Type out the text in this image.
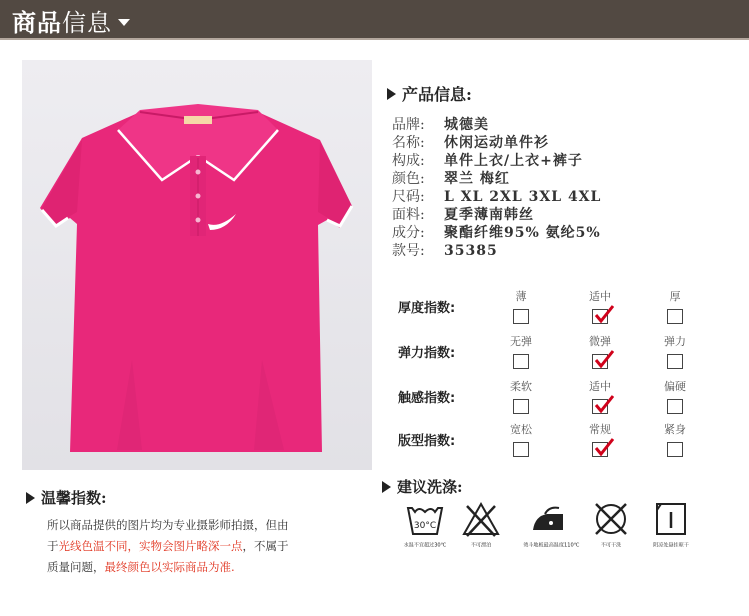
商品 信息
产品信息:
品牌:	城德美
名称:	休闲运动单件衫
构成:	单件上衣/上衣+裤子
颜色:	翠兰 梅红
尺码:	L XL 2XL 3XL 4XL
面料:	夏季薄南韩丝
成分:	聚酯纤维95% 氨纶5%
款号:	35385
厚度指数:
薄	适中	厚
弹力指数:
无弹	微弹	弹力
触感指数:
柔软	适中	偏硬
版型指数:
宽松	常规	紧身
温馨指数:
所以商品提供的图片均为专业摄影师拍摄，但由
于光线色温不同，实物会图片略深一点，不属于
质量问题，最终颜色以实际商品为准.
建议洗涤:
30°C
水温不宜超过30℃	不可漂泊	烫斗地板最高温度110℃	不可干洗	阴凉处悬挂晾干
